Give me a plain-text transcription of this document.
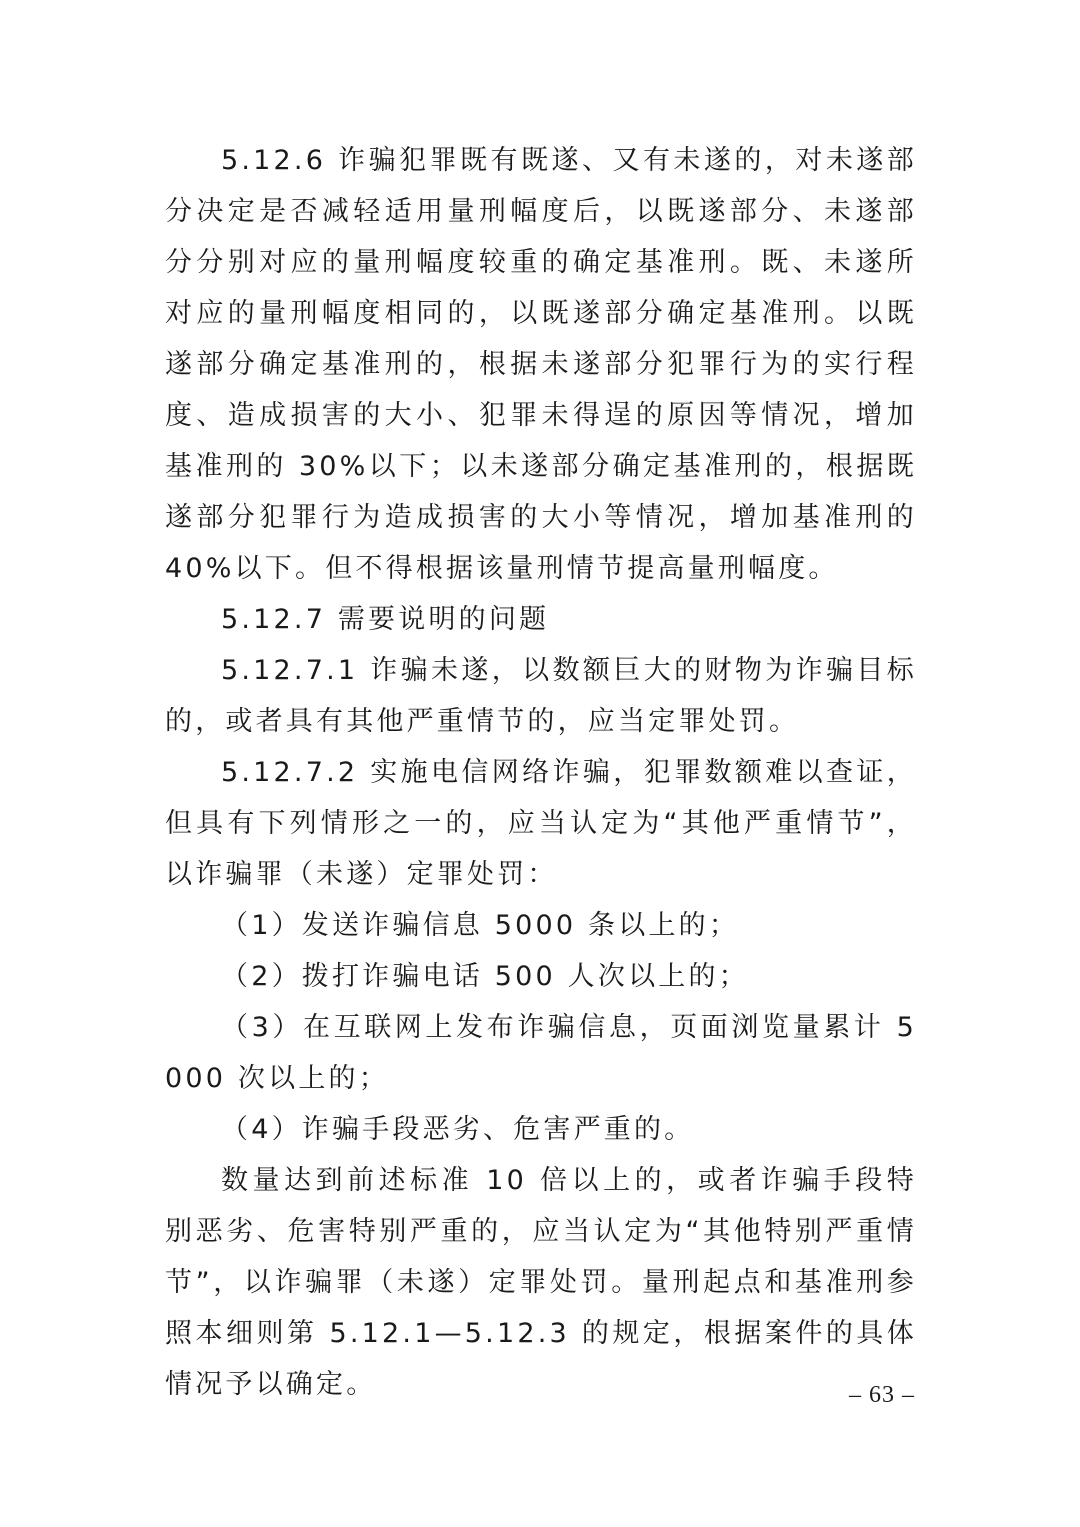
5.12.6 诈骗犯罪既有既遂、又有未遂的，对未遂部分决定是否减轻适用量刑幅度后，以既遂部分、未遂部分分别对应的量刑幅度较重的确定基准刑。既、未遂所对应的量刑幅度相同的，以既遂部分确定基准刑。以既遂部分确定基准刑的，根据未遂部分犯罪行为的实行程度、造成损害的大小、犯罪未得逞的原因等情况，增加基准刑的 30%以下；以未遂部分确定基准刑的，根据既遂部分犯罪行为造成损害的大小等情况，增加基准刑的 40%以下。但不得根据该量刑情节提高量刑幅度。

5.12.7 需要说明的问题

5.12.7.1 诈骗未遂，以数额巨大的财物为诈骗目标的，或者具有其他严重情节的，应当定罪处罚。

5.12.7.2 实施电信网络诈骗，犯罪数额难以查证，但具有下列情形之一的，应当认定为“其他严重情节”，以诈骗罪（未遂）定罪处罚：

（1）发送诈骗信息 5000 条以上的；

（2）拨打诈骗电话 500 人次以上的；

（3）在互联网上发布诈骗信息，页面浏览量累计 5000 次以上的；

（4）诈骗手段恶劣、危害严重的。

数量达到前述标准 10 倍以上的，或者诈骗手段特别恶劣、危害特别严重的，应当认定为“其他特别严重情节”，以诈骗罪（未遂）定罪处罚。量刑起点和基准刑参照本细则第 5.12.1—5.12.3 的规定，根据案件的具体情况予以确定。	– 63 –
